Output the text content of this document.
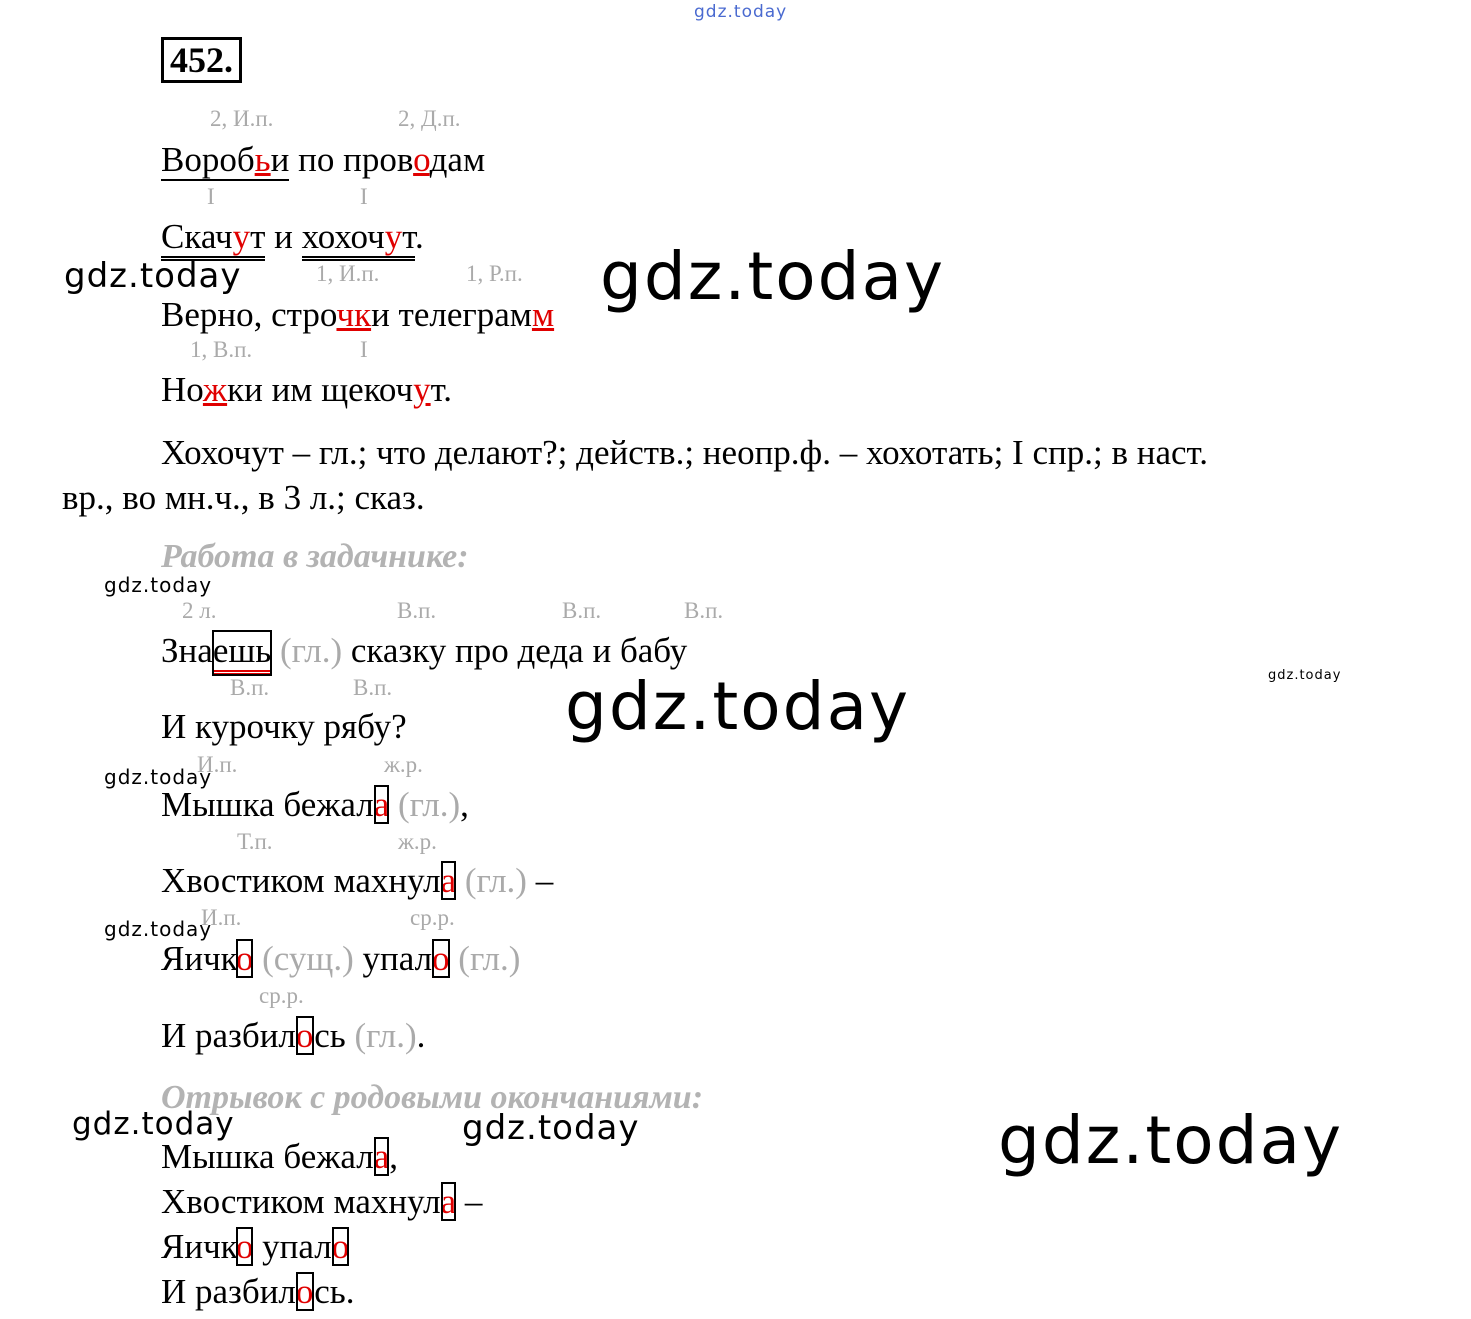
gdz.today
452.
2, И.п.	2, Д.п.
Воробьи по проводам
I	I
Скачут и хохочут.
1, И.п.	1, Р.п.
Верно, строчки телеграмм
1, В.п.	I
Ножки им щекочут.
Хохочут – гл.; что делают?; действ.; неопр.ф. – хохотать; I спр.; в наст.
вр., во мн.ч., в 3 л.; сказ.
Работа в задачнике:
2 л.	В.п.	В.п.	В.п.
Знаешь (гл.) сказку про деда и бабу
В.п.	В.п.
И курочку рябу?
И.п.	ж.р.
Мышка бежала (гл.),
Т.п.	ж.р.
Хвостиком махнула (гл.) –
И.п.	ср.р.
Яичко (сущ.) упало (гл.)
ср.р.
И разбилось (гл.).
Отрывок с родовыми окончаниями:
Мышка бежала,
Хвостиком махнула –
Яичко упало
И разбилось.
gdz.today	gdz.today
gdz.today
gdz.today	gdz.today
gdz.today
gdz.today
gdz.today	gdz.today	gdz.today
